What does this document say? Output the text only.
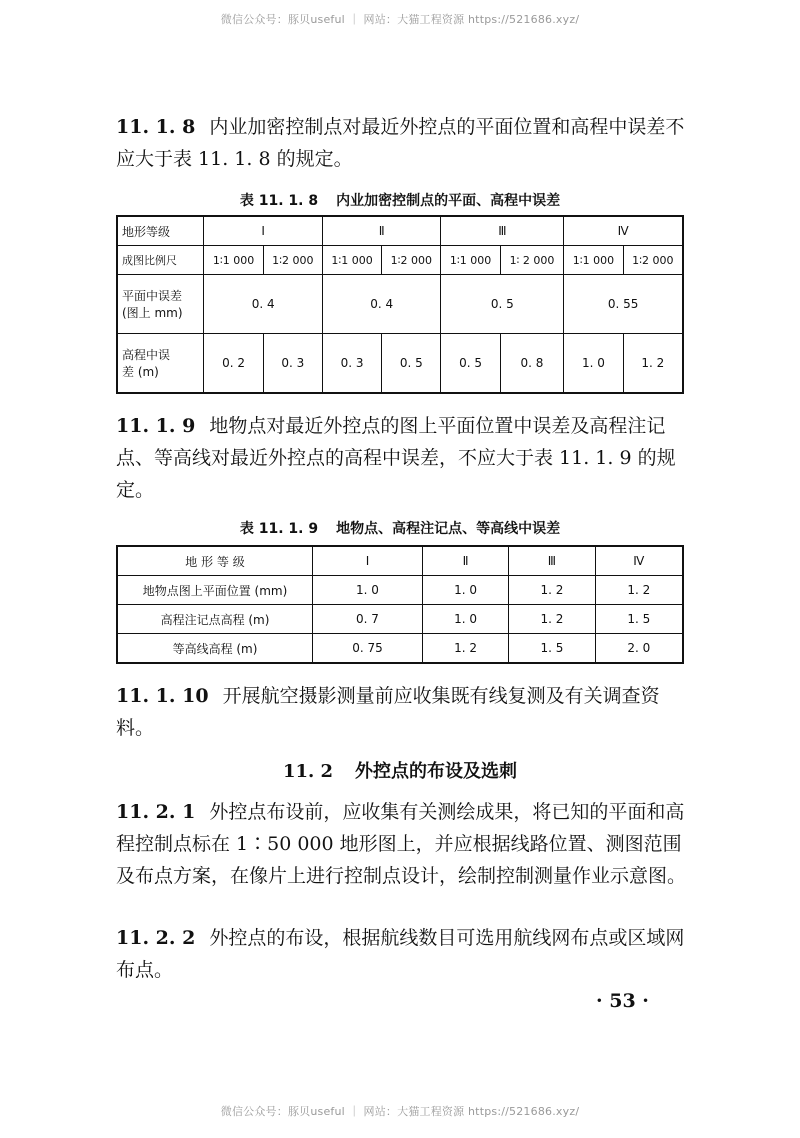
微信公众号：豚贝useful ｜ 网站：大猫工程资源 https://521686.xyz/

11. 1. 8 内业加密控制点对最近外控点的平面位置和高程中误差不应大于表 11. 1. 8 的规定。

表 11. 1. 8 内业加密控制点的平面、高程中误差
地形等级	Ⅰ		Ⅱ		Ⅲ		Ⅳ	
成图比例尺	1∶1 000	1∶2 000	1∶1 000	1∶2 000	1∶1 000	1∶ 2 000	1∶1 000	1∶2 000

平面中误差
(图上 mm)	0. 4		0. 4		0. 5		0. 55	

高程中误
差 (m)	0. 2	0. 3	0. 3	0. 5	0. 5	0. 8	1. 0	1. 2

11. 1. 9 地物点对最近外控点的图上平面位置中误差及高程注记点、等高线对最近外控点的高程中误差，不应大于表 11. 1. 9 的规定。

表 11. 1. 9 地物点、高程注记点、等高线中误差
地 形 等 级	Ⅰ	Ⅱ	Ⅲ	Ⅳ
地物点图上平面位置 (mm)	1. 0	1. 0	1. 2	1. 2
高程注记点高程 (m)	0. 7	1. 0	1. 2	1. 5
等高线高程 (m)	0. 75	1. 2	1. 5	2. 0

11. 1. 10 开展航空摄影测量前应收集既有线复测及有关调查资料。

11. 2 外控点的布设及选刺

11. 2. 1 外控点布设前，应收集有关测绘成果，将已知的平面和高程控制点标在 1∶50 000 地形图上，并应根据线路位置、测图范围及布点方案，在像片上进行控制点设计，绘制控制测量作业示意图。

11. 2. 2 外控点的布设，根据航线数目可选用航线网布点或区域网布点。

· 53 ·
微信公众号：豚贝useful ｜ 网站：大猫工程资源 https://521686.xyz/
